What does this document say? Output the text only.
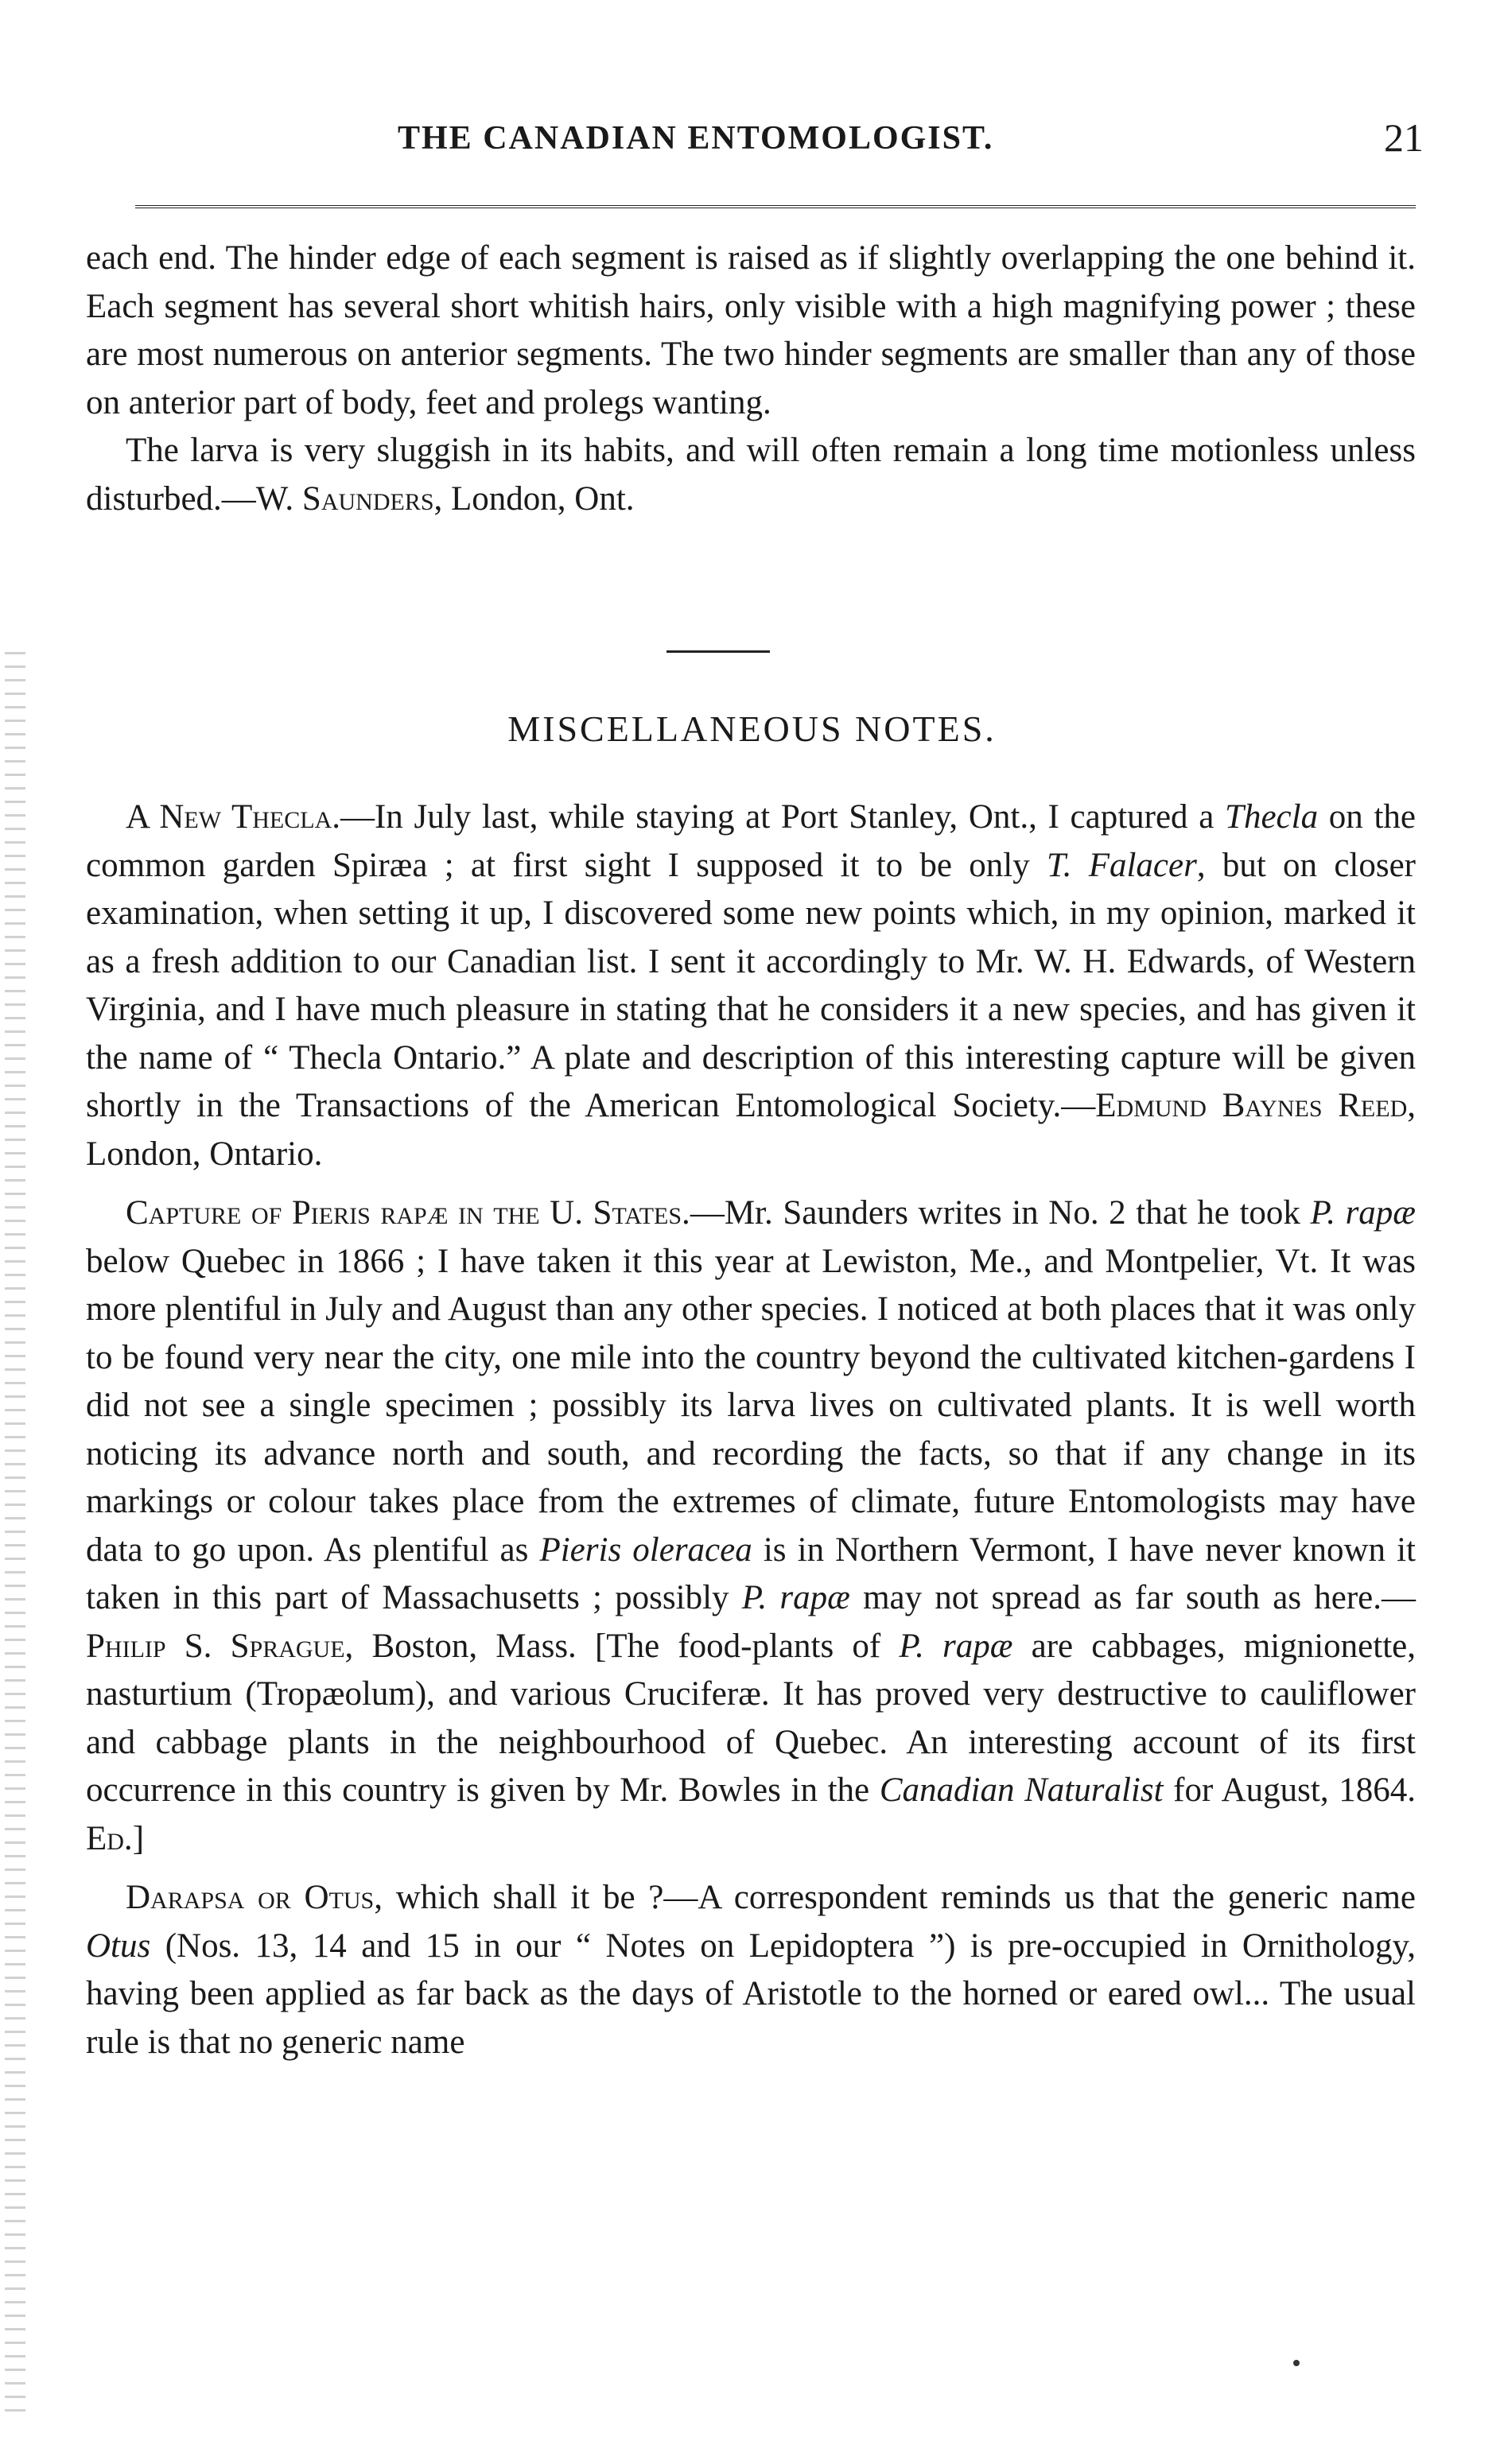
THE CANADIAN ENTOMOLOGIST.	21

each end. The hinder edge of each segment is raised as if slightly overlapping the one behind it. Each segment has several short whitish hairs, only visible with a high magnifying power ; these are most numerous on anterior segments. The two hinder segments are smaller than any of those on anterior part of body, feet and prolegs wanting.

The larva is very sluggish in its habits, and will often remain a long time motionless unless disturbed.—W. Saunders, London, Ont.

MISCELLANEOUS NOTES.

A New Thecla.—In July last, while staying at Port Stanley, Ont., I captured a Thecla on the common garden Spiræa ; at first sight I supposed it to be only T. Falacer, but on closer examination, when setting it up, I discovered some new points which, in my opinion, marked it as a fresh addition to our Canadian list. I sent it accordingly to Mr. W. H. Edwards, of Western Virginia, and I have much pleasure in stating that he considers it a new species, and has given it the name of “ Thecla Ontario.” A plate and description of this interesting capture will be given shortly in the Transactions of the American Entomological Society.—Edmund Baynes Reed, London, Ontario.

Capture of Pieris rapæ in the U. States.—Mr. Saunders writes in No. 2 that he took P. rapæ below Quebec in 1866 ; I have taken it this year at Lewiston, Me., and Montpelier, Vt. It was more plentiful in July and August than any other species. I noticed at both places that it was only to be found very near the city, one mile into the country beyond the cultivated kitchen-gardens I did not see a single specimen ; possibly its larva lives on cultivated plants. It is well worth noticing its advance north and south, and recording the facts, so that if any change in its markings or colour takes place from the extremes of climate, future Entomologists may have data to go upon. As plentiful as Pieris oleracea is in Northern Vermont, I have never known it taken in this part of Massachusetts ; possibly P. rapæ may not spread as far south as here.—Philip S. Sprague, Boston, Mass. [The food-plants of P. rapæ are cabbages, mignionette, nasturtium (Tropæolum), and various Cruciferæ. It has proved very destructive to cauliflower and cabbage plants in the neighbourhood of Quebec. An interesting account of its first occurrence in this country is given by Mr. Bowles in the Canadian Naturalist for August, 1864. Ed.]

Darapsa or Otus, which shall it be ?—A correspondent reminds us that the generic name Otus (Nos. 13, 14 and 15 in our “ Notes on Lepidoptera ”) is pre-occupied in Ornithology, having been applied as far back as the days of Aristotle to the horned or eared owl... The usual rule is that no generic name
